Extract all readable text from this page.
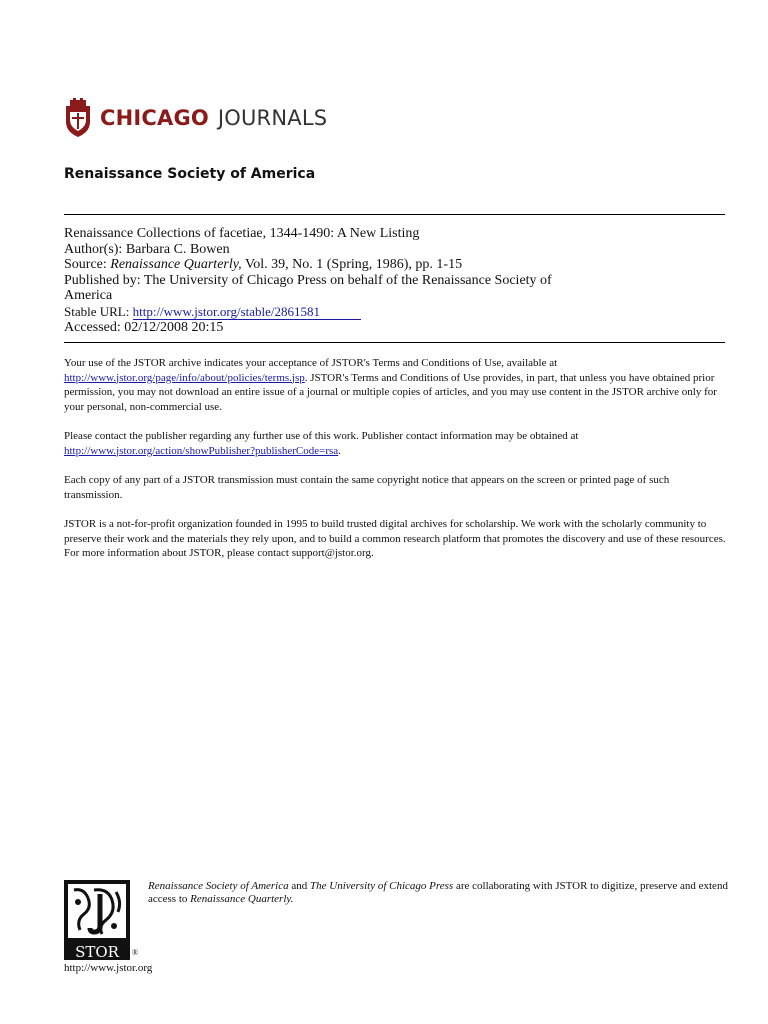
CHICAGO JOURNALS
Renaissance Society of America
Renaissance Collections of facetiae, 1344-1490: A New Listing
Author(s): Barbara C. Bowen
Source: Renaissance Quarterly, Vol. 39, No. 1 (Spring, 1986), pp. 1-15
Published by: The University of Chicago Press on behalf of the Renaissance Society of
America
Stable URL: http://www.jstor.org/stable/2861581
Accessed: 02/12/2008 20:15

Your use of the JSTOR archive indicates your acceptance of JSTOR's Terms and Conditions of Use, available at http://www.jstor.org/page/info/about/policies/terms.jsp. JSTOR's Terms and Conditions of Use provides, in part, that unless you have obtained prior permission, you may not download an entire issue of a journal or multiple copies of articles, and you may use content in the JSTOR archive only for your personal, non-commercial use.

Please contact the publisher regarding any further use of this work. Publisher contact information may be obtained at http://www.jstor.org/action/showPublisher?publisherCode=rsa.

Each copy of any part of a JSTOR transmission must contain the same copyright notice that appears on the screen or printed page of such transmission.

JSTOR is a not-for-profit organization founded in 1995 to build trusted digital archives for scholarship. We work with the scholarly community to preserve their work and the materials they rely upon, and to build a common research platform that promotes the discovery and use of these resources. For more information about JSTOR, please contact support@jstor.org.

STOR ®
Renaissance Society of America and The University of Chicago Press are collaborating with JSTOR to digitize, preserve and extend access to Renaissance Quarterly.
http://www.jstor.org
